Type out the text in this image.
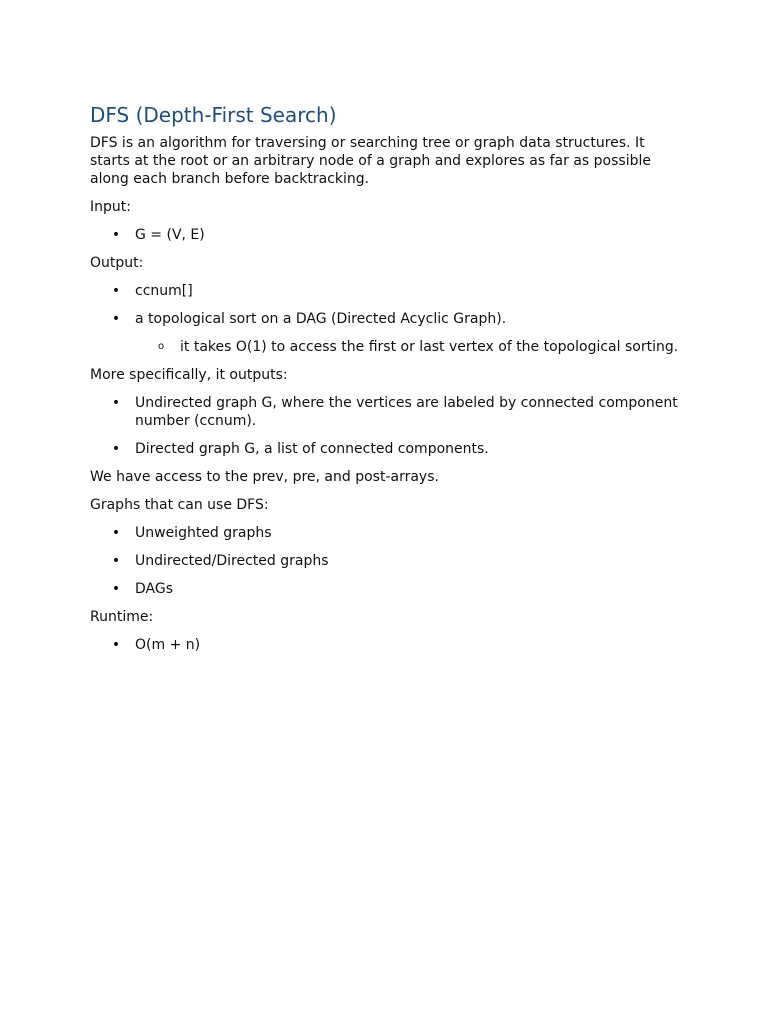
DFS (Depth-First Search)

DFS is an algorithm for traversing or searching tree or graph data structures. It starts at the root or an arbitrary node of a graph and explores as far as possible along each branch before backtracking.

Input:

• G = (V, E)

Output:

• ccnum[]
• a topological sort on a DAG (Directed Acyclic Graph).
o it takes O(1) to access the first or last vertex of the topological sorting.

More specifically, it outputs:

• Undirected graph G, where the vertices are labeled by connected component number (ccnum).
• Directed graph G, a list of connected components.

We have access to the prev, pre, and post-arrays.

Graphs that can use DFS:

• Unweighted graphs
• Undirected/Directed graphs
• DAGs

Runtime:

• O(m + n)
